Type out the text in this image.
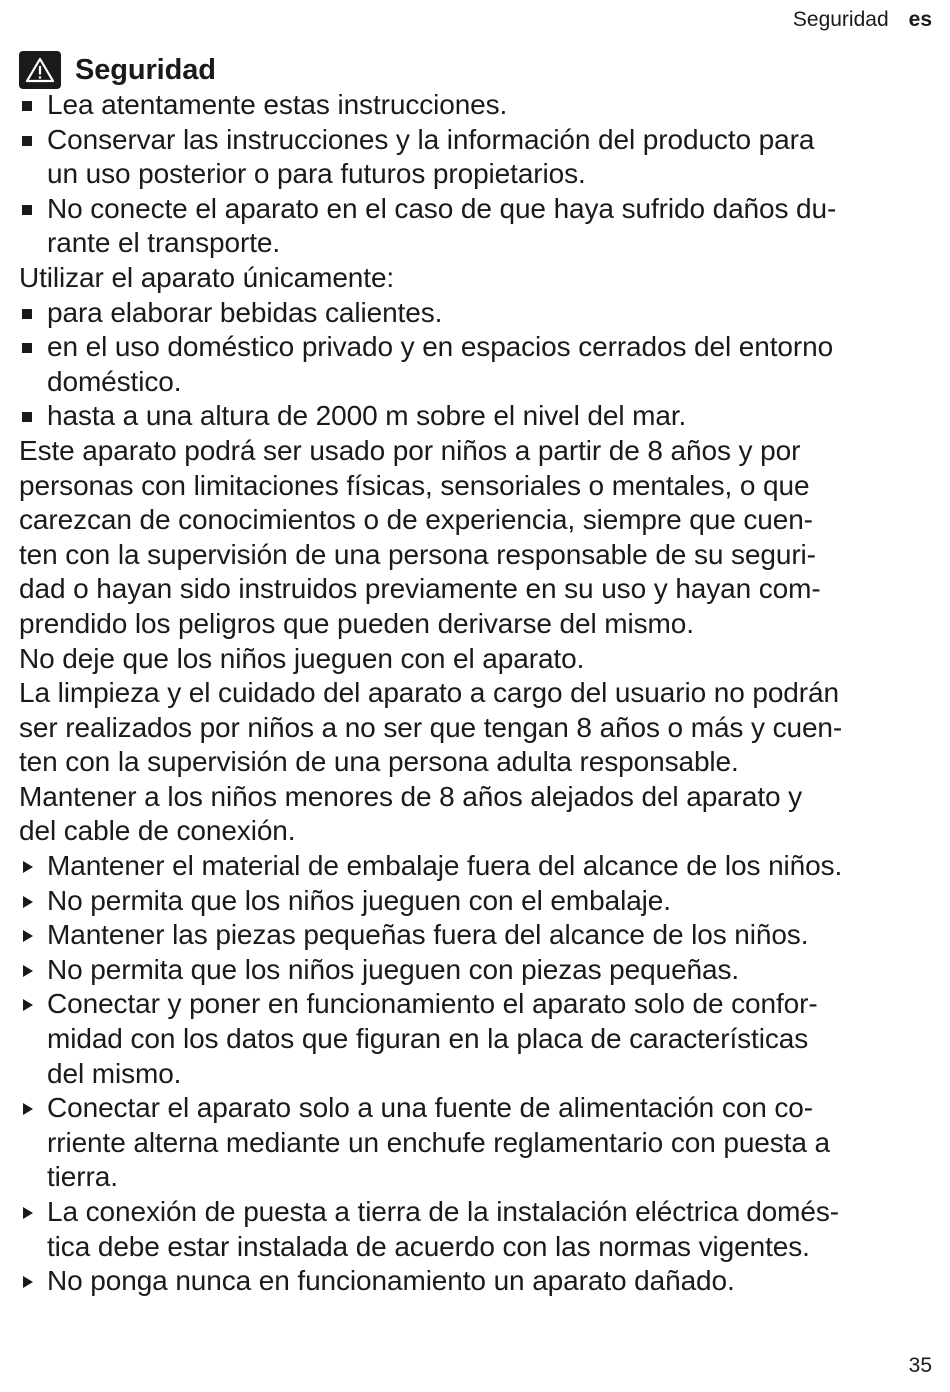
Seguridad es
Seguridad
Lea atentamente estas instrucciones.
Conservar las instrucciones y la información del producto para
un uso posterior o para futuros propietarios.
No conecte el aparato en el caso de que haya sufrido daños du-
rante el transporte.
Utilizar el aparato únicamente:
para elaborar bebidas calientes.
en el uso doméstico privado y en espacios cerrados del entorno
doméstico.
hasta a una altura de 2000 m sobre el nivel del mar.
Este aparato podrá ser usado por niños a partir de 8 años y por
personas con limitaciones físicas, sensoriales o mentales, o que
carezcan de conocimientos o de experiencia, siempre que cuen-
ten con la supervisión de una persona responsable de su seguri-
dad o hayan sido instruidos previamente en su uso y hayan com-
prendido los peligros que pueden derivarse del mismo.
No deje que los niños jueguen con el aparato.
La limpieza y el cuidado del aparato a cargo del usuario no podrán
ser realizados por niños a no ser que tengan 8 años o más y cuen-
ten con la supervisión de una persona adulta responsable.
Mantener a los niños menores de 8 años alejados del aparato y
del cable de conexión.
Mantener el material de embalaje fuera del alcance de los niños.
No permita que los niños jueguen con el embalaje.
Mantener las piezas pequeñas fuera del alcance de los niños.
No permita que los niños jueguen con piezas pequeñas.
Conectar y poner en funcionamiento el aparato solo de confor-
midad con los datos que figuran en la placa de características
del mismo.
Conectar el aparato solo a una fuente de alimentación con co-
rriente alterna mediante un enchufe reglamentario con puesta a
tierra.
La conexión de puesta a tierra de la instalación eléctrica domés-
tica debe estar instalada de acuerdo con las normas vigentes.
No ponga nunca en funcionamiento un aparato dañado.
35
